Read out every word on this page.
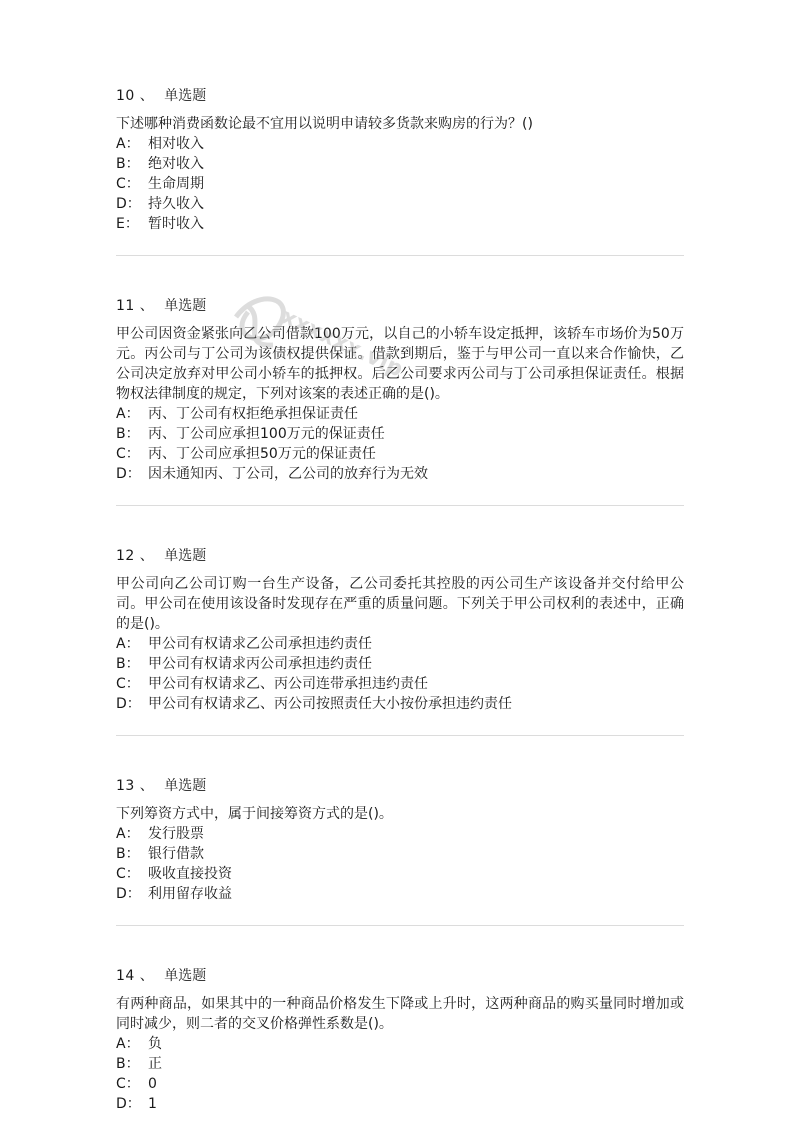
10 、 单选题
下述哪种消费函数论最不宜用以说明申请较多货款来购房的行为？()
A： 相对收入
B： 绝对收入
C： 生命周期
D： 持久收入
E： 暂时收入
11 、 单选题
甲公司因资金紧张向乙公司借款100万元，以自己的小轿车设定抵押，该轿车市场价为50万元。丙公司与丁公司为该债权提供保证。借款到期后，鉴于与甲公司一直以来合作愉快，乙公司决定放弃对甲公司小轿车的抵押权。后乙公司要求丙公司与丁公司承担保证责任。根据物权法律制度的规定，下列对该案的表述正确的是()。
A： 丙、丁公司有权拒绝承担保证责任
B： 丙、丁公司应承担100万元的保证责任
C： 丙、丁公司应承担50万元的保证责任
D： 因未通知丙、丁公司，乙公司的放弃行为无效
12 、 单选题
甲公司向乙公司订购一台生产设备，乙公司委托其控股的丙公司生产该设备并交付给甲公司。甲公司在使用该设备时发现存在严重的质量问题。下列关于甲公司权利的表述中，正确的是()。
A： 甲公司有权请求乙公司承担违约责任
B： 甲公司有权请求丙公司承担违约责任
C： 甲公司有权请求乙、丙公司连带承担违约责任
D： 甲公司有权请求乙、丙公司按照责任大小按份承担违约责任
13 、 单选题
下列筹资方式中，属于间接筹资方式的是()。
A： 发行股票
B： 银行借款
C： 吸收直接投资
D： 利用留存收益
14 、 单选题
有两种商品，如果其中的一种商品价格发生下降或上升时，这两种商品的购买量同时增加或同时减少，则二者的交叉价格弹性系数是()。
A： 负
B： 正
C： 0
D： 1
xxxxxx.vip
